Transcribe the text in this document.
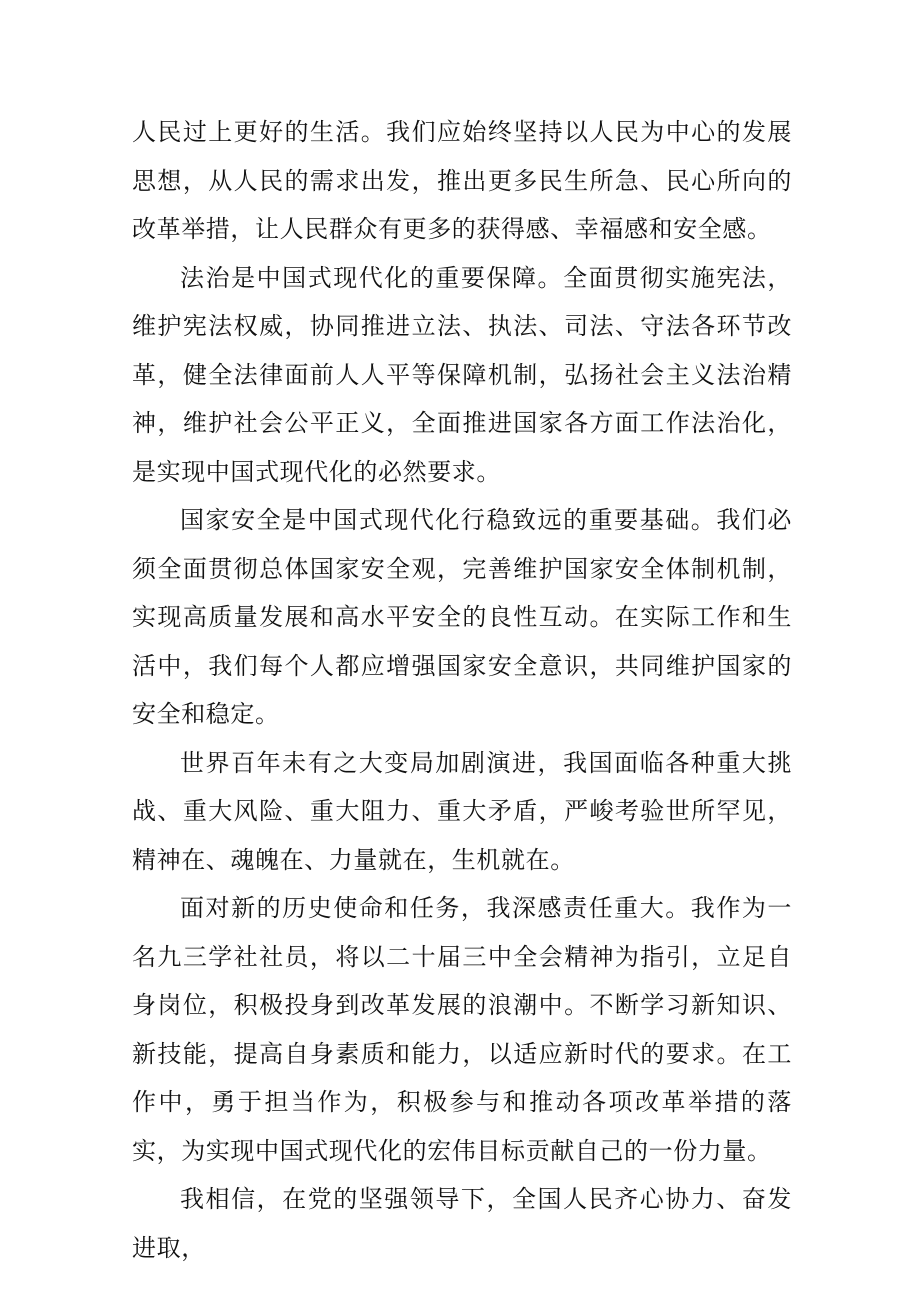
人民过上更好的生活。我们应始终坚持以人民为中心的发展思想，从人民的需求出发，推出更多民生所急、民心所向的改革举措，让人民群众有更多的获得感、幸福感和安全感。

法治是中国式现代化的重要保障。全面贯彻实施宪法，维护宪法权威，协同推进立法、执法、司法、守法各环节改革，健全法律面前人人平等保障机制，弘扬社会主义法治精神，维护社会公平正义，全面推进国家各方面工作法治化，是实现中国式现代化的必然要求。

国家安全是中国式现代化行稳致远的重要基础。我们必须全面贯彻总体国家安全观，完善维护国家安全体制机制，实现高质量发展和高水平安全的良性互动。在实际工作和生活中，我们每个人都应增强国家安全意识，共同维护国家的安全和稳定。

世界百年未有之大变局加剧演进，我国面临各种重大挑战、重大风险、重大阻力、重大矛盾，严峻考验世所罕见，精神在、魂魄在、力量就在，生机就在。

面对新的历史使命和任务，我深感责任重大。我作为一名九三学社社员，将以二十届三中全会精神为指引，立足自身岗位，积极投身到改革发展的浪潮中。不断学习新知识、新技能，提高自身素质和能力，以适应新时代的要求。在工作中，勇于担当作为，积极参与和推动各项改革举措的落实，为实现中国式现代化的宏伟目标贡献自己的一份力量。

我相信，在党的坚强领导下，全国人民齐心协力、奋发进取，
